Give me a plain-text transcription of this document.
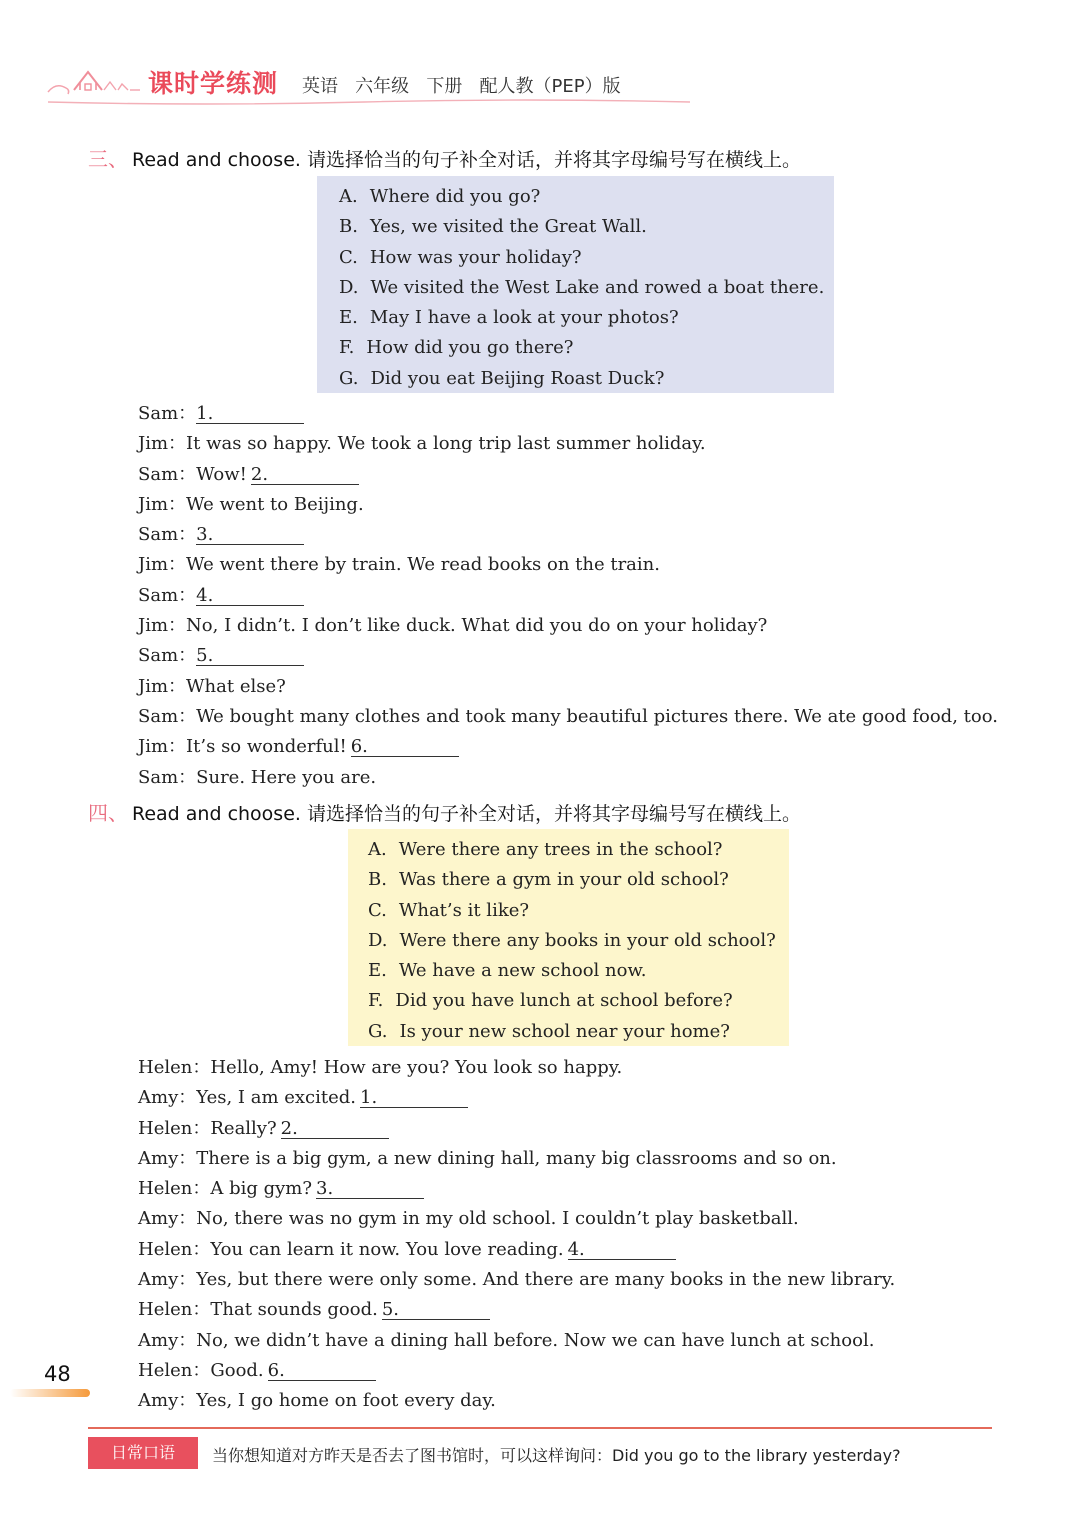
课时学练测 英语   六年级   下册   配人教（PEP）版
三、 Read and choose. 请选择恰当的句子补全对话，并将其字母编号写在横线上。
A. Where did you go?
B. Yes, we visited the Great Wall.
C. How was your holiday?
D. We visited the West Lake and rowed a boat there.
E. May I have a look at your photos?
F. How did you go there?
G. Did you eat Beijing Roast Duck?
Sam：1.
Jim：It was so happy. We took a long trip last summer holiday.
Sam：Wow! 2.
Jim：We went to Beijing.
Sam：3.
Jim：We went there by train. We read books on the train.
Sam：4.
Jim：No, I didn’t. I don’t like duck. What did you do on your holiday?
Sam：5.
Jim：What else?
Sam：We bought many clothes and took many beautiful pictures there. We ate good food, too.
Jim：It’s so wonderful! 6.
Sam：Sure. Here you are.
四、 Read and choose. 请选择恰当的句子补全对话，并将其字母编号写在横线上。
A. Were there any trees in the school?
B. Was there a gym in your old school?
C. What’s it like?
D. Were there any books in your old school?
E. We have a new school now.
F. Did you have lunch at school before?
G. Is your new school near your home?
Helen：Hello, Amy! How are you? You look so happy.
Amy：Yes, I am excited. 1.
Helen：Really? 2.
Amy：There is a big gym, a new dining hall, many big classrooms and so on.
Helen：A big gym? 3.
Amy：No, there was no gym in my old school. I couldn’t play basketball.
Helen：You can learn it now. You love reading. 4.
Amy：Yes, but there were only some. And there are many books in the new library.
Helen：That sounds good. 5.
Amy：No, we didn’t have a dining hall before. Now we can have lunch at school.
Helen：Good. 6.
Amy：Yes, I go home on foot every day.
48
日常口语	当你想知道对方昨天是否去了图书馆时，可以这样询问：Did you go to the library yesterday?
